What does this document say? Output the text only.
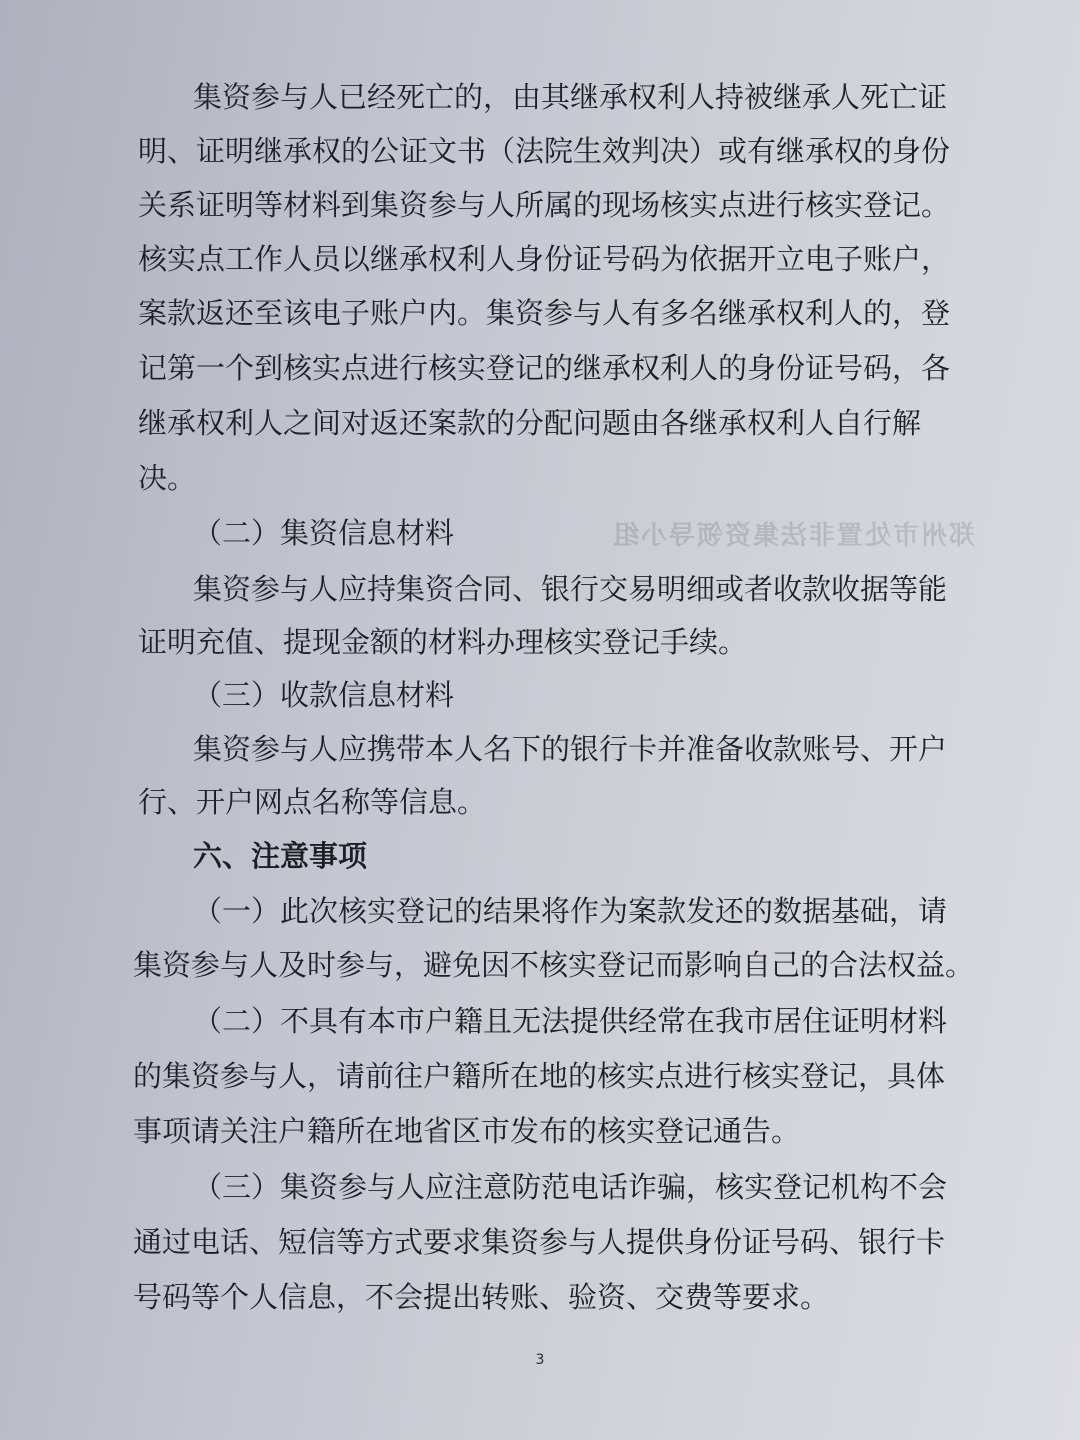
郑州市处置非法集资领导小组
集资参与人已经死亡的，由其继承权利人持被继承人死亡证
明、证明继承权的公证文书（法院生效判决）或有继承权的身份
关系证明等材料到集资参与人所属的现场核实点进行核实登记。
核实点工作人员以继承权利人身份证号码为依据开立电子账户，
案款返还至该电子账户内。集资参与人有多名继承权利人的，登
记第一个到核实点进行核实登记的继承权利人的身份证号码，各
继承权利人之间对返还案款的分配问题由各继承权利人自行解
决。
（二）集资信息材料
集资参与人应持集资合同、银行交易明细或者收款收据等能
证明充值、提现金额的材料办理核实登记手续。
（三）收款信息材料
集资参与人应携带本人名下的银行卡并准备收款账号、开户
行、开户网点名称等信息。
六、注意事项
（一）此次核实登记的结果将作为案款发还的数据基础，请
集资参与人及时参与，避免因不核实登记而影响自己的合法权益。
（二）不具有本市户籍且无法提供经常在我市居住证明材料
的集资参与人，请前往户籍所在地的核实点进行核实登记，具体
事项请关注户籍所在地省区市发布的核实登记通告。
（三）集资参与人应注意防范电话诈骗，核实登记机构不会
通过电话、短信等方式要求集资参与人提供身份证号码、银行卡
号码等个人信息，不会提出转账、验资、交费等要求。
3
